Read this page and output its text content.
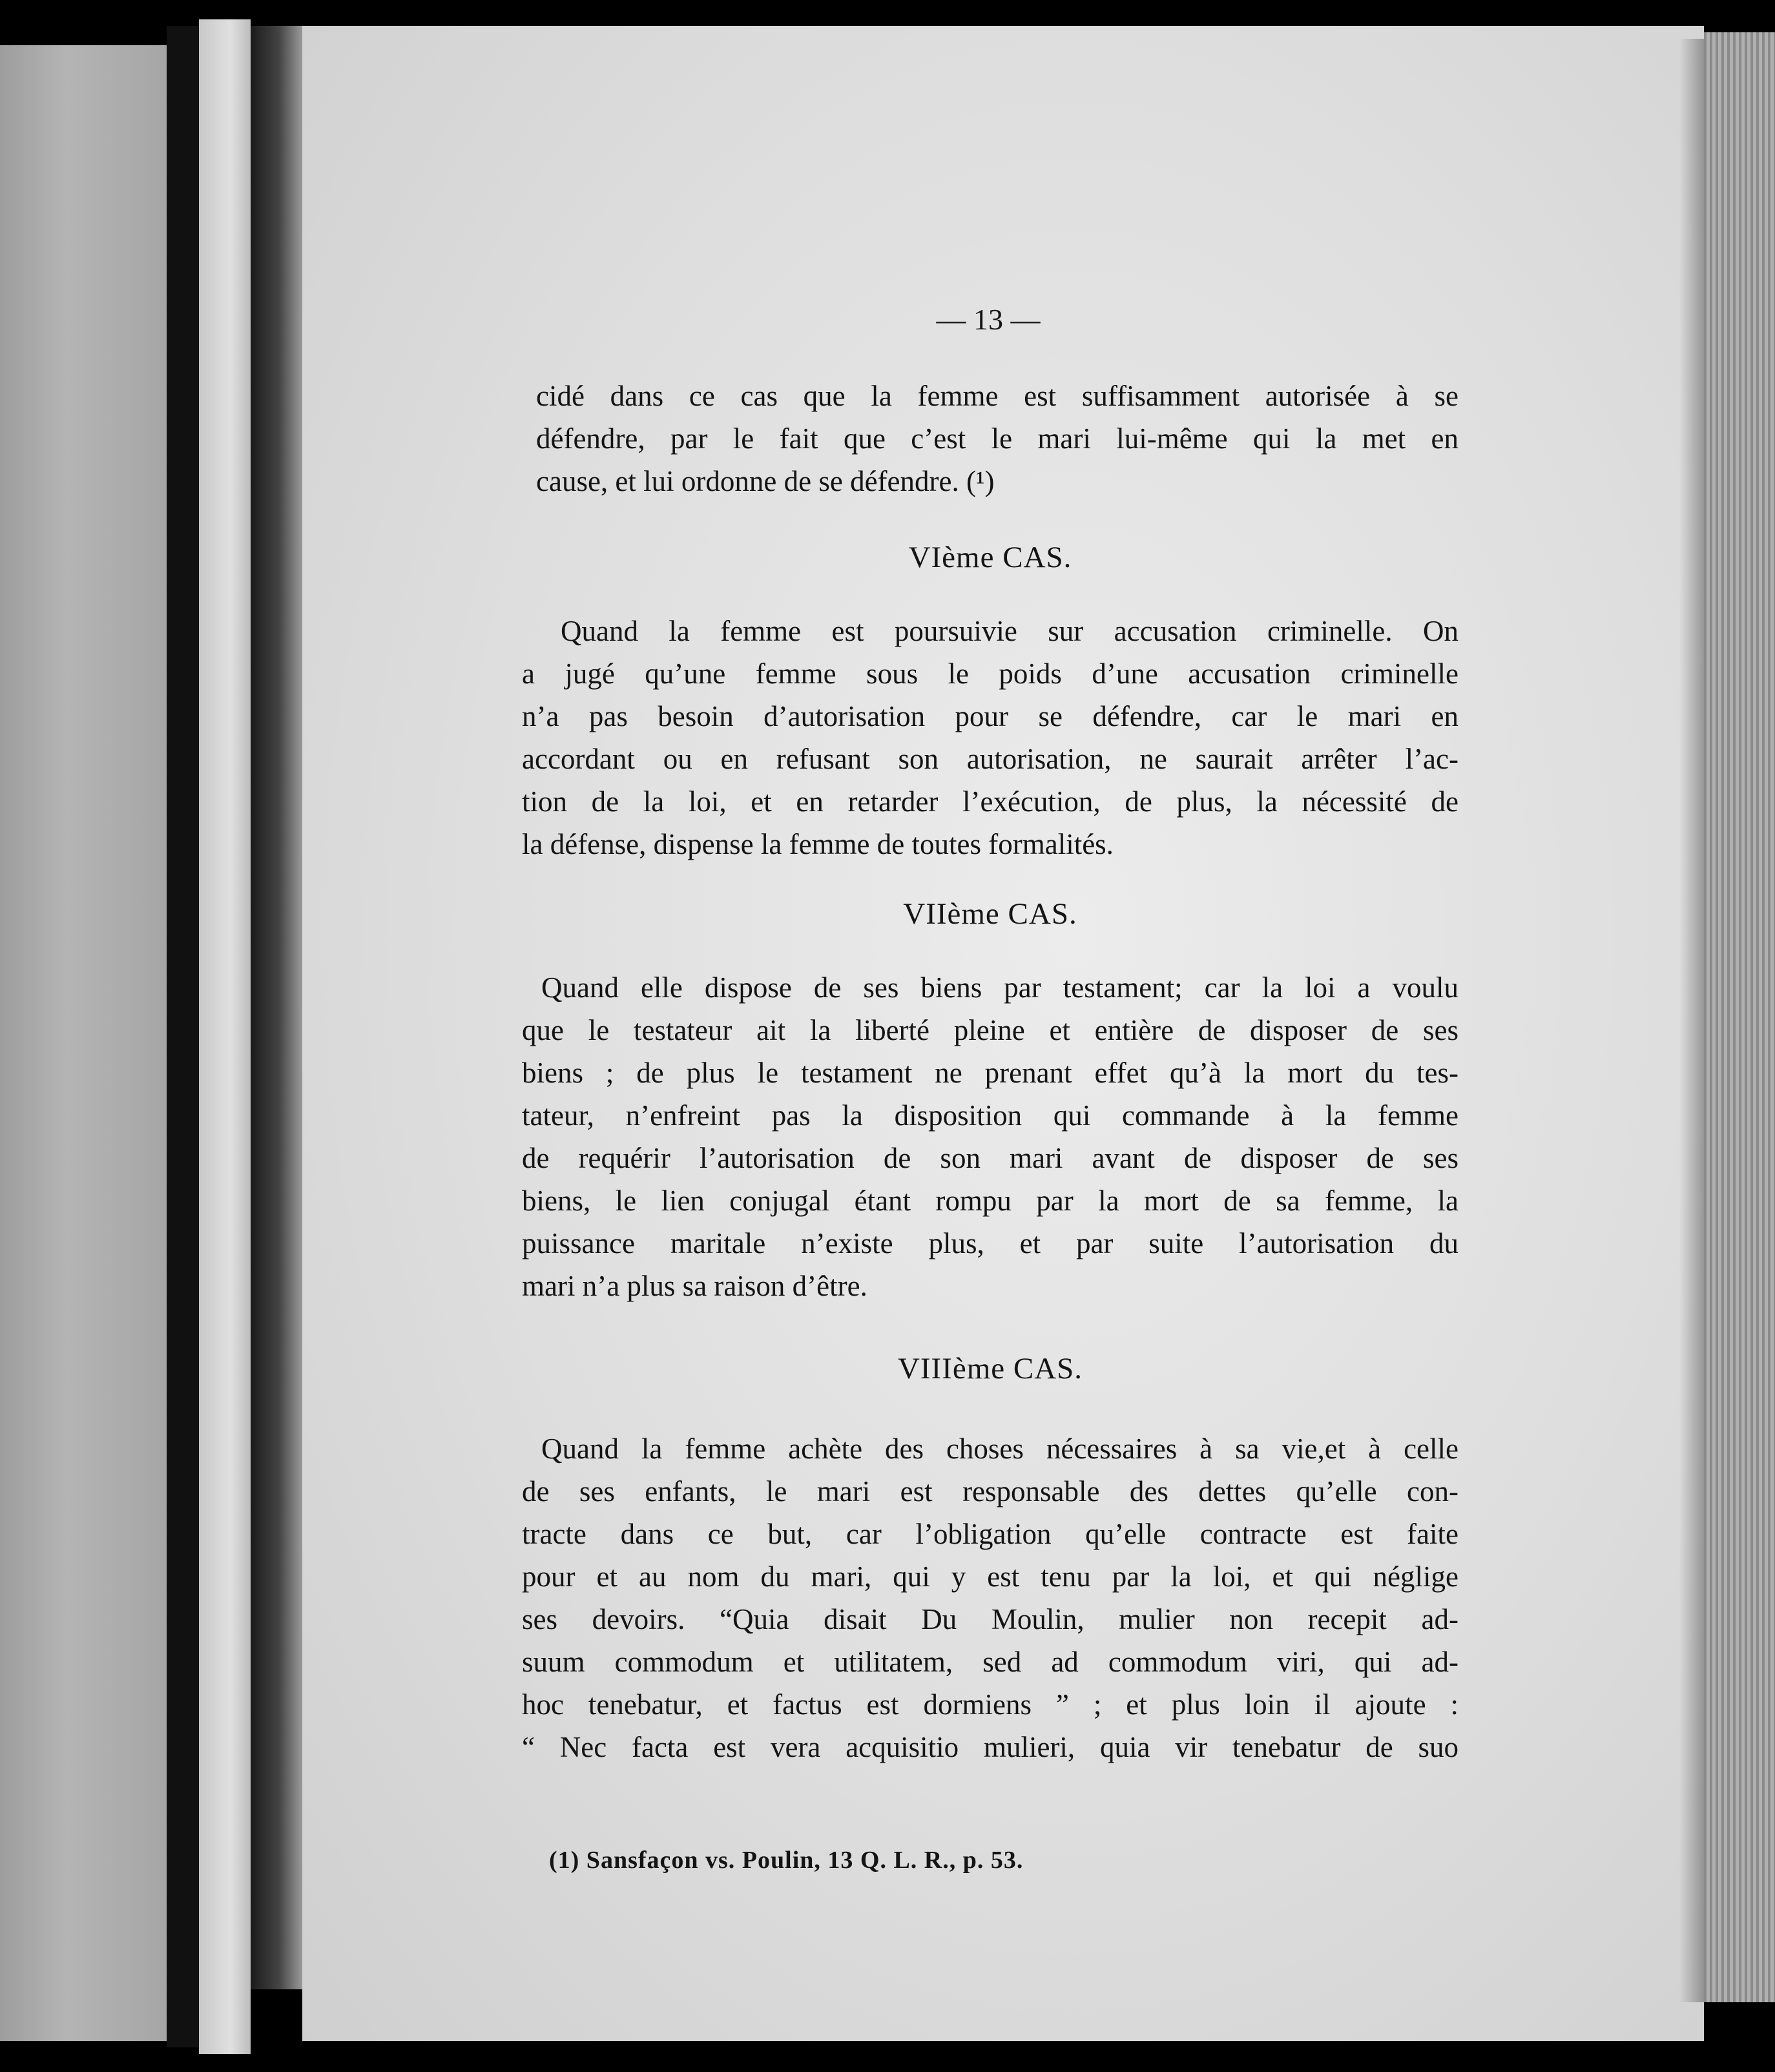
— 13 —
cidé dans ce cas que la femme est suffisamment autorisée à se
défendre, par le fait que c’est le mari lui-même qui la met en
cause, et lui ordonne de se défendre. (¹)
VIème CAS.
Quand la femme est poursuivie sur accusation criminelle. On
a jugé qu’une femme sous le poids d’une accusation criminelle
n’a pas besoin d’autorisation pour se défendre, car le mari en
accordant ou en refusant son autorisation, ne saurait arrêter l’ac-
tion de la loi, et en retarder l’exécution, de plus, la nécessité de
la défense, dispense la femme de toutes formalités.
VIIème CAS.
Quand elle dispose de ses biens par testament; car la loi a voulu
que le testateur ait la liberté pleine et entière de disposer de ses
biens ; de plus le testament ne prenant effet qu’à la mort du tes-
tateur, n’enfreint pas la disposition qui commande à la femme
de requérir l’autorisation de son mari avant de disposer de ses
biens, le lien conjugal étant rompu par la mort de sa femme, la
puissance maritale n’existe plus, et par suite l’autorisation du
mari n’a plus sa raison d’être.
VIIIème CAS.
Quand la femme achète des choses nécessaires à sa vie,et à celle
de ses enfants, le mari est responsable des dettes qu’elle con-
tracte dans ce but, car l’obligation qu’elle contracte est faite
pour et au nom du mari, qui y est tenu par la loi, et qui néglige
ses devoirs. “Quia disait Du Moulin, mulier non recepit ad-
suum commodum et utilitatem, sed ad commodum viri, qui ad-
hoc tenebatur, et factus est dormiens ” ; et plus loin il ajoute :
“ Nec facta est vera acquisitio mulieri, quia vir tenebatur de suo
(1) Sansfaçon vs. Poulin, 13 Q. L. R., p. 53.
